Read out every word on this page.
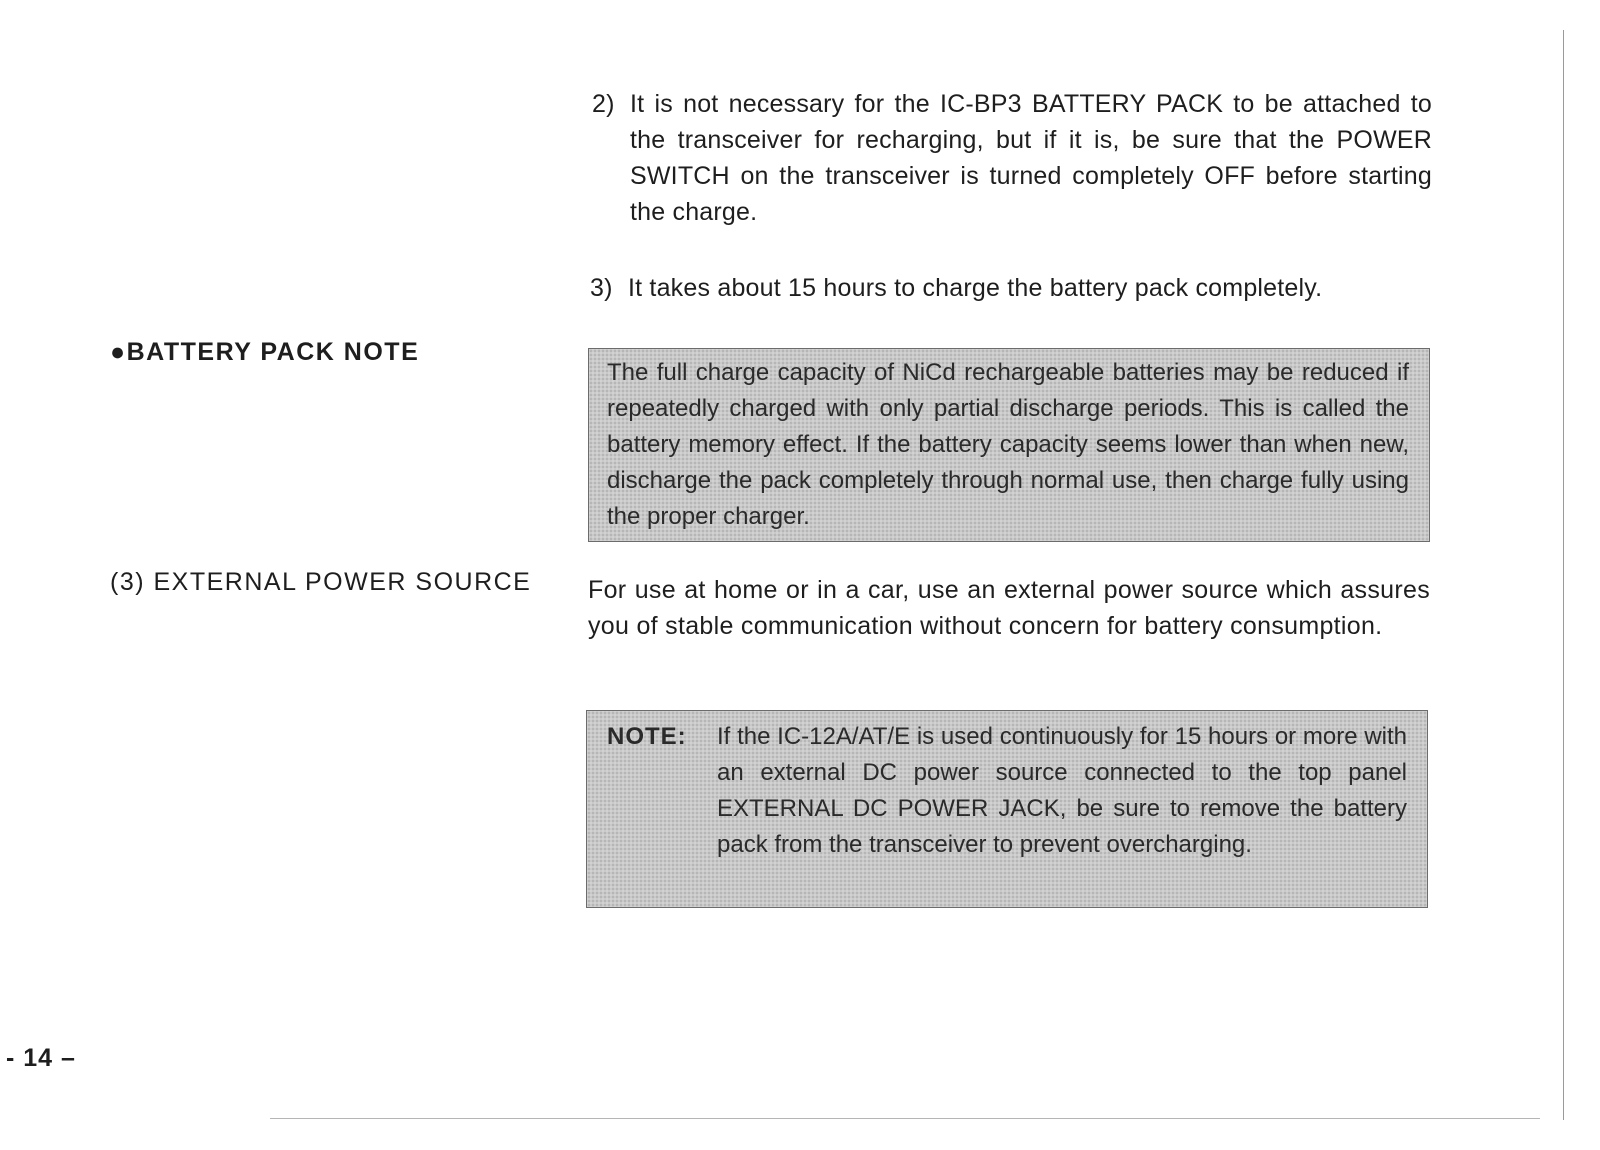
2) It is not necessary for the IC-BP3 BATTERY PACK to be attached to the transceiver for recharging, but if it is, be sure that the POWER SWITCH on the transceiver is turned completely OFF before starting the charge.
3) It takes about 15 hours to charge the battery pack completely.
●BATTERY PACK NOTE
The full charge capacity of NiCd rechargeable batteries may be reduced if repeatedly charged with only partial discharge periods. This is called the battery memory effect. If the battery capacity seems lower than when new, discharge the pack completely through normal use, then charge fully using the proper charger.
(3) EXTERNAL POWER SOURCE For use at home or in a car, use an external power source which assures you of stable communication without concern for battery consumption.
NOTE: If the IC-12A/AT/E is used continuously for 15 hours or more with an external DC power source connected to the top panel EXTERNAL DC POWER JACK, be sure to remove the battery pack from the transceiver to prevent overcharging.
- 14 –
